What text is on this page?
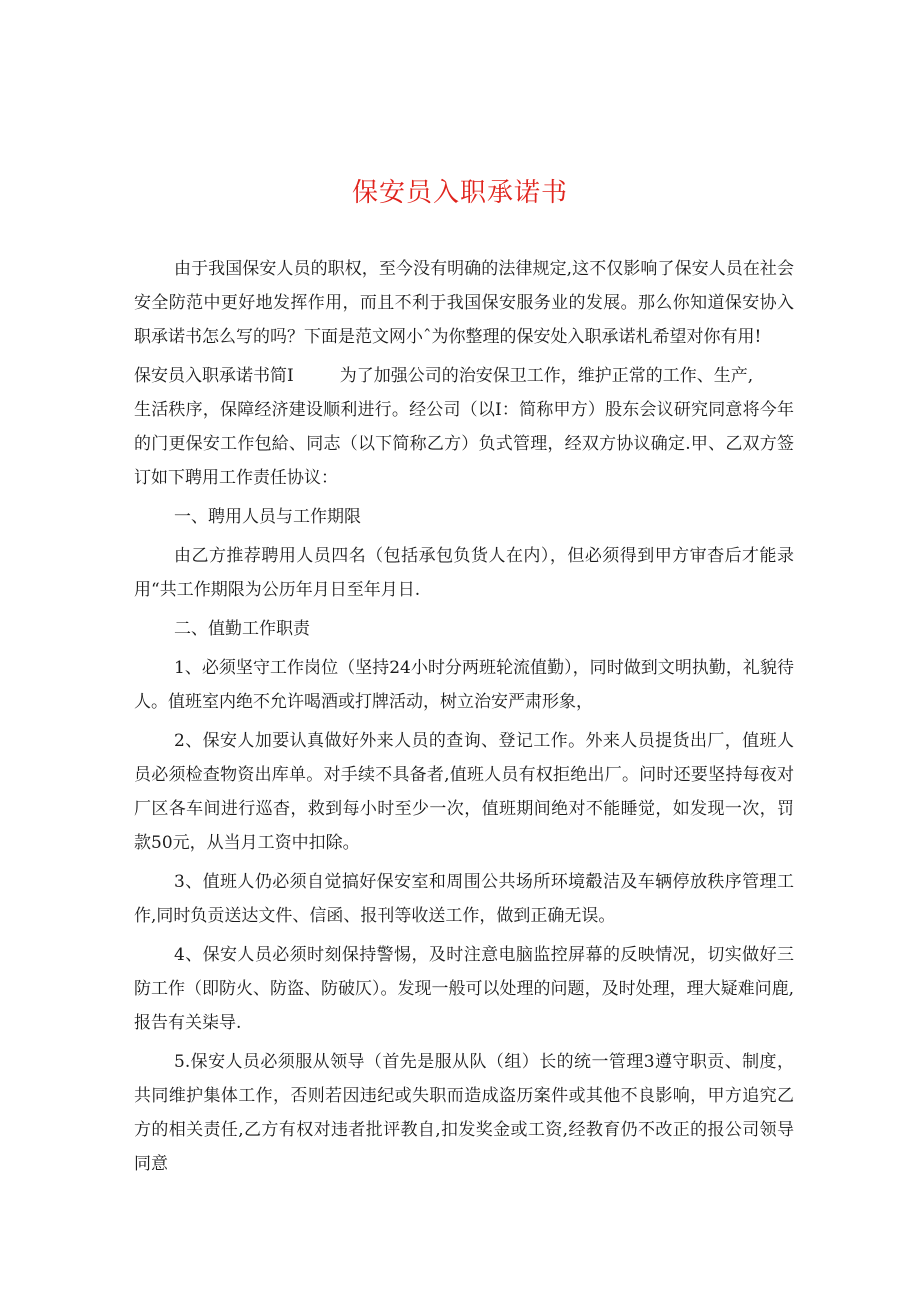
保安员入职承诺书

由于我国保安人员的职权，至今没有明确的法律规定,这不仅影响了保安人员在社会安全防范中更好地发挥作用，而且不利于我国保安服务业的发展。那么你知道保安协入职承诺书怎么写的吗？下面是范文网小ˆ为你整理的保安处入职承诺札希望对你有用!

保安员入职承诺书简I	为了加强公司的治安保卫工作，维护正常的工作、生产,

生活秩序，保障经济建设顺利进行。经公司（以I：简称甲方）股东会议研究同意将今年的门更保安工作包給、同志（以下简称乙方）负式管理，经双方协议确定.甲、乙双方签订如下聘用工作责任协议：

一、聘用人员与工作期限

由乙方推荐聘用人员四名（包括承包负货人在内），但必须得到甲方审杳后才能录用“共工作期限为公历年月日至年月日.

二、值勤工作职责

1、必须坚守工作岗位（坚持24小时分两班轮流值勤），同时做到文明执勤，礼貌待人。值班室内绝不允许喝酒或打牌活动，树立治安严肃形象，

2、保安人加要认真做好外来人员的查询、登记工作。外来人员提货出厂，值班人员必须检查物资出库单。对手续不具备者,值班人员有权拒绝出厂。问时还要坚持每夜对厂区各车间进行巡杳，救到每小时至少一次，值班期间绝对不能睡觉，如发现一次，罚款50元，从当月工资中扣除。

3、值班人仍必须自觉搞好保安室和周围公共场所环境觳洁及车辆停放秩序管理工作,同时负贡送达文件、信函、报刊等收送工作，做到正确无误。

4、保安人员必须时刻保持警惕，及时注意电脑监控屏幕的反映情况，切实做好三防工作（即防火、防盗、防破仄）。发现一般可以处理的问题，及时处理，理大疑难问鹿,报告有关柒导.

5.保安人员必须服从领导（首先是服从队（组）长的统一管理3遵守职贡、制度，共同维护集体工作，否则若因违纪或失职而造成盗历案件或其他不良影响，甲方追究乙方的相关责任,乙方有权对违者批评教自,扣发奖金或工资,经教育仍不改正的报公司领导同意
